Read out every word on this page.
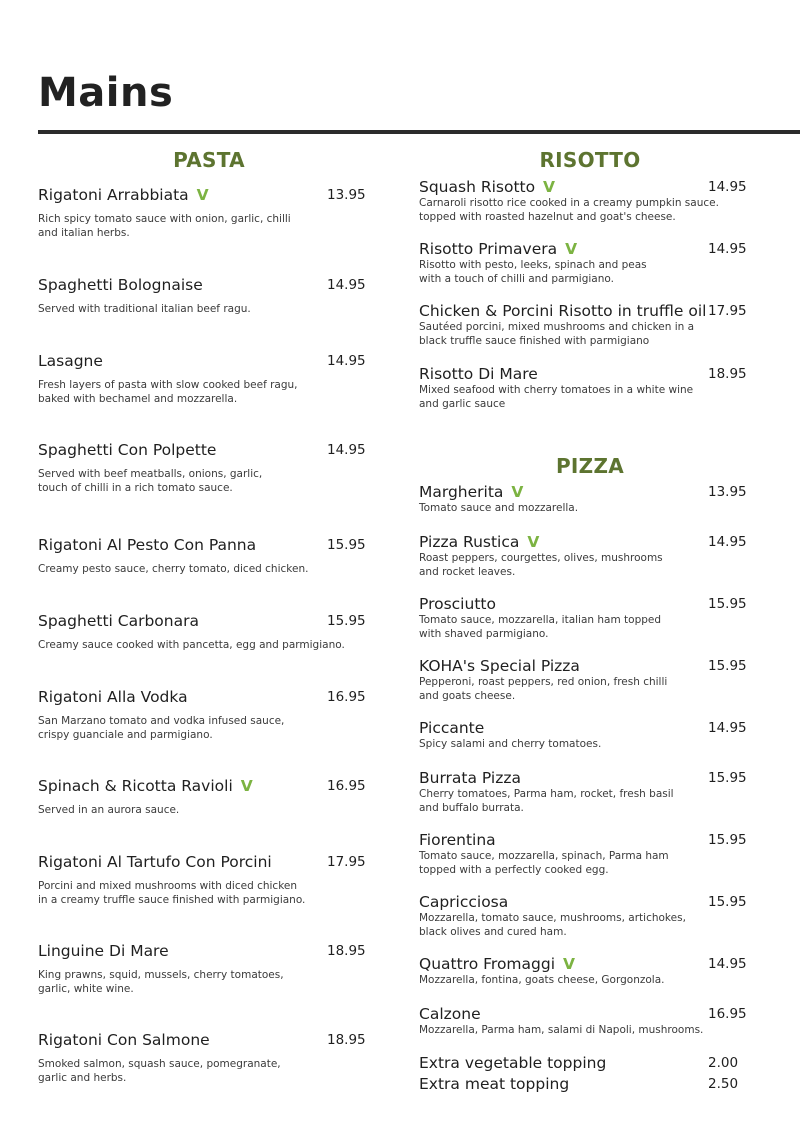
Mains
PASTA
Rigatoni Arrabbiata V	13.95
Rich spicy tomato sauce with onion, garlic, chilli
and italian herbs.
Spaghetti Bolognaise	14.95
Served with traditional italian beef ragu.
Lasagne	14.95
Fresh layers of pasta with slow cooked beef ragu,
baked with bechamel and mozzarella.
Spaghetti Con Polpette	14.95
Served with beef meatballs, onions, garlic,
touch of chilli in a rich tomato sauce.
Rigatoni Al Pesto Con Panna	15.95
Creamy pesto sauce, cherry tomato, diced chicken.
Spaghetti Carbonara	15.95
Creamy sauce cooked with pancetta, egg and parmigiano.
Rigatoni Alla Vodka	16.95
San Marzano tomato and vodka infused sauce,
crispy guanciale and parmigiano.
Spinach & Ricotta Ravioli V	16.95
Served in an aurora sauce.
Rigatoni Al Tartufo Con Porcini	17.95
Porcini and mixed mushrooms with diced chicken
in a creamy truffle sauce finished with parmigiano.
Linguine Di Mare	18.95
King prawns, squid, mussels, cherry tomatoes,
garlic, white wine.
Rigatoni Con Salmone	18.95
Smoked salmon, squash sauce, pomegranate,
garlic and herbs.
RISOTTO
Squash Risotto V	14.95
Carnaroli risotto rice cooked in a creamy pumpkin sauce.
topped with roasted hazelnut and goat's cheese.
Risotto Primavera V	14.95
Risotto with pesto, leeks, spinach and peas
with a touch of chilli and parmigiano.
Chicken & Porcini Risotto in truffle oil 17.95
Sautéed porcini, mixed mushrooms and chicken in a
black truffle sauce finished with parmigiano
Risotto Di Mare	18.95
Mixed seafood with cherry tomatoes in a white wine
and garlic sauce
PIZZA
Margherita V	13.95
Tomato sauce and mozzarella.
Pizza Rustica V	14.95
Roast peppers, courgettes, olives, mushrooms
and rocket leaves.
Prosciutto	15.95
Tomato sauce, mozzarella, italian ham topped
with shaved parmigiano.
KOHA's Special Pizza	15.95
Pepperoni, roast peppers, red onion, fresh chilli
and goats cheese.
Piccante	14.95
Spicy salami and cherry tomatoes.
Burrata Pizza	15.95
Cherry tomatoes, Parma ham, rocket, fresh basil
and buffalo burrata.
Fiorentina	15.95
Tomato sauce, mozzarella, spinach, Parma ham
topped with a perfectly cooked egg.
Capricciosa	15.95
Mozzarella, tomato sauce, mushrooms, artichokes,
black olives and cured ham.
Quattro Fromaggi V	14.95
Mozzarella, fontina, goats cheese, Gorgonzola.
Calzone	16.95
Mozzarella, Parma ham, salami di Napoli, mushrooms.
Extra vegetable topping	2.00
Extra meat topping	2.50
